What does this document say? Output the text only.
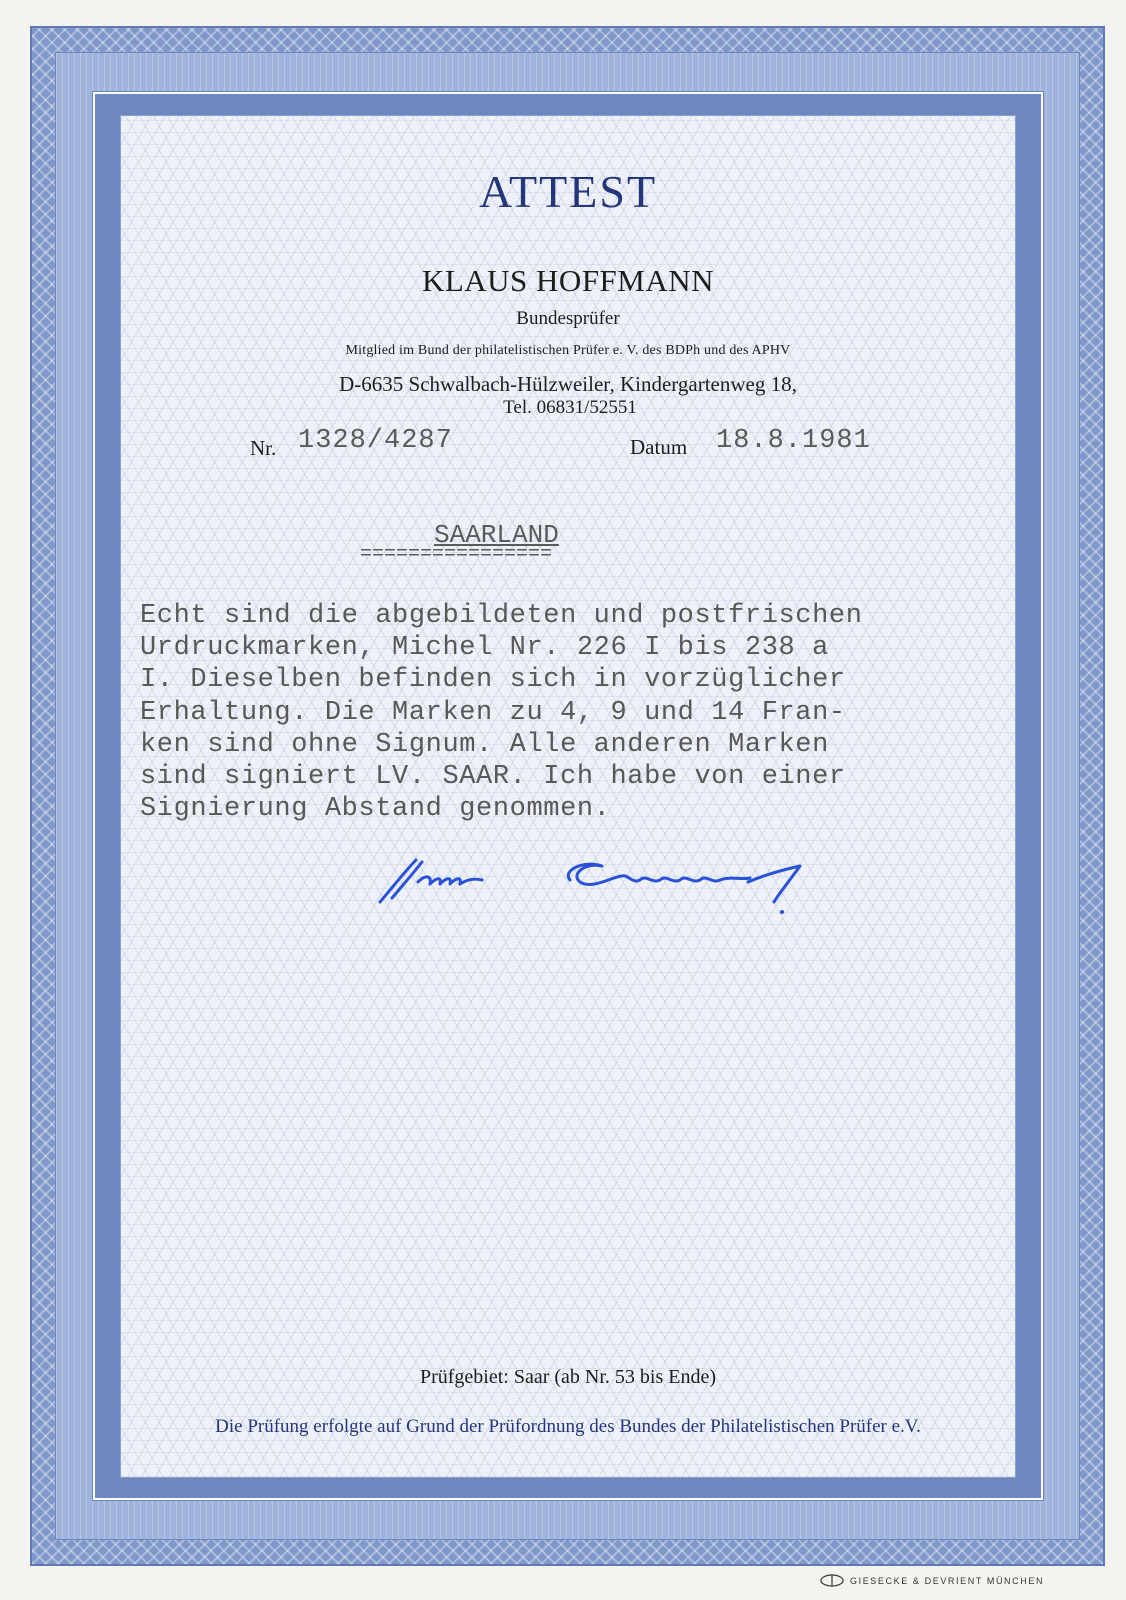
ATTEST
KLAUS HOFFMANN
Bundesprüfer
Mitglied im Bund der philatelistischen Prüfer e. V. des BDPh und des APHV
D-6635 Schwalbach-Hülzweiler, Kindergartenweg 18,
Tel. 06831/52551
Nr. 1328/4287	Datum 18.8.1981
SAARLAND
================
Echt sind die abgebildeten und postfrischen
Urdruckmarken, Michel Nr. 226 I bis 238 a
I. Dieselben befinden sich in vorzüglicher
Erhaltung. Die Marken zu 4, 9 und 14 Fran-
ken sind ohne Signum. Alle anderen Marken
sind signiert LV. SAAR. Ich habe von einer
Signierung Abstand genommen.
Prüfgebiet: Saar (ab Nr. 53 bis Ende)
Die Prüfung erfolgte auf Grund der Prüfordnung des Bundes der Philatelistischen Prüfer e.V.
GIESECKE & DEVRIENT MÜNCHEN
